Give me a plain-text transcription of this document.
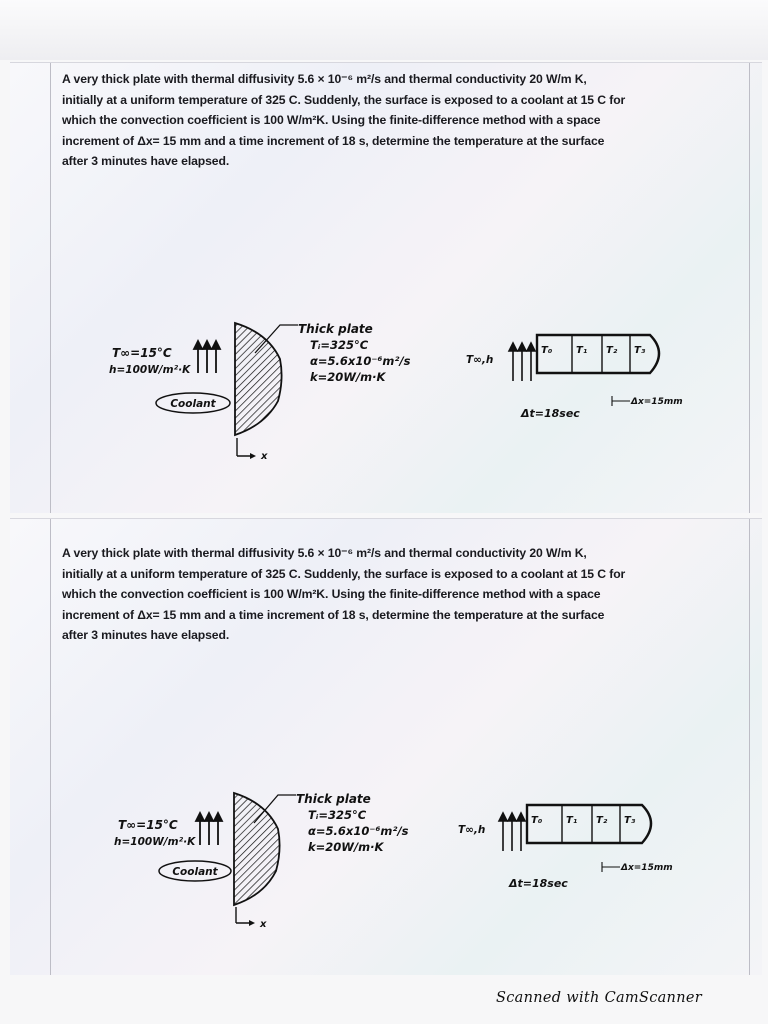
A very thick plate with thermal diffusivity 5.6 × 10⁻⁶ m²/s and thermal conductivity 20 W/m K,
initially at a uniform temperature of 325 C. Suddenly, the surface is exposed to a coolant at 15 C for
which the convection coefficient is 100 W/m²K. Using the finite-difference method with a space
increment of Δx= 15 mm and a time increment of 18 s, determine the temperature at the surface
after 3 minutes have elapsed.
T∞=15°C
h=100W/m²·K
Coolant
x
Thick plate
Tᵢ=325°C
α=5.6x10⁻⁶m²/s
k=20W/m·K
T∞,h
T₀ T₁ T₂ T₃
Δx=15mm
Δt=18sec
A very thick plate with thermal diffusivity 5.6 × 10⁻⁶ m²/s and thermal conductivity 20 W/m K,
initially at a uniform temperature of 325 C. Suddenly, the surface is exposed to a coolant at 15 C for
which the convection coefficient is 100 W/m²K. Using the finite-difference method with a space
increment of Δx= 15 mm and a time increment of 18 s, determine the temperature at the surface
after 3 minutes have elapsed.
T∞=15°C
h=100W/m²·K
Coolant
x
Thick plate
Tᵢ=325°C
α=5.6x10⁻⁶m²/s
k=20W/m·K
T∞,h
T₀ T₁ T₂ T₃
Δx=15mm
Δt=18sec
Scanned with CamScanner
